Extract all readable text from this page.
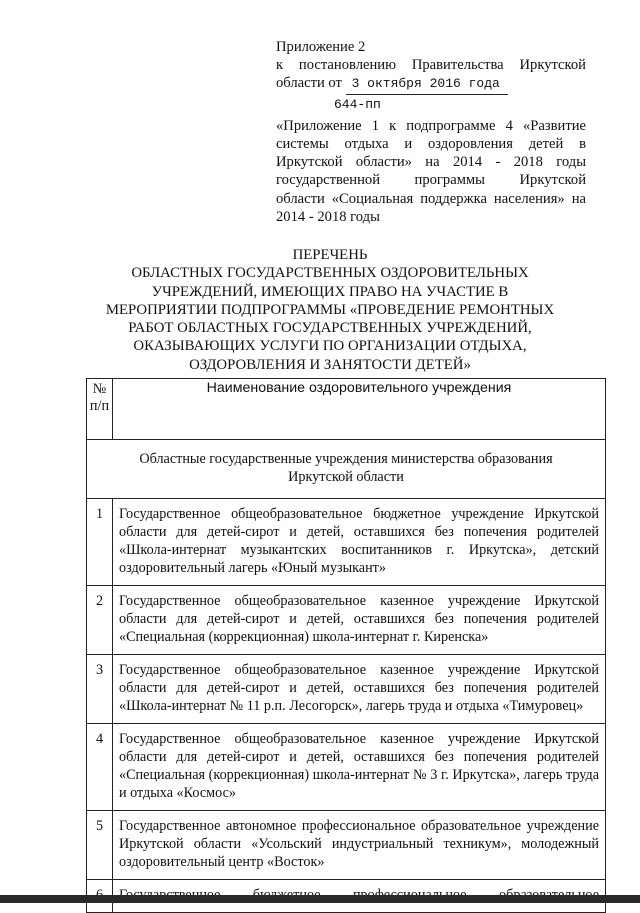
Приложение 2
к постановлению Правительства Иркутской
области от 3 октября 2016 года
644-пп
«Приложение 1 к подпрограмме 4 «Развитие
системы отдыха и оздоровления детей в
Иркутской области» на 2014 - 2018 годы
государственной программы Иркутской
области «Социальная поддержка населения» на
2014 - 2018 годы
ПЕРЕЧЕНЬ
ОБЛАСТНЫХ ГОСУДАРСТВЕННЫХ ОЗДОРОВИТЕЛЬНЫХ
УЧРЕЖДЕНИЙ, ИМЕЮЩИХ ПРАВО НА УЧАСТИЕ В
МЕРОПРИЯТИИ ПОДПРОГРАММЫ «ПРОВЕДЕНИЕ РЕМОНТНЫХ
РАБОТ ОБЛАСТНЫХ ГОСУДАРСТВЕННЫХ УЧРЕЖДЕНИЙ,
ОКАЗЫВАЮЩИХ УСЛУГИ ПО ОРГАНИЗАЦИИ ОТДЫХА,
ОЗДОРОВЛЕНИЯ И ЗАНЯТОСТИ ДЕТЕЙ»
№
п/п	Наименование оздоровительного учреждения
Областные государственные учреждения министерства образования Иркутской области	
1	Государственное общеобразовательное бюджетное учреждение Иркутской области для детей-сирот и детей, оставшихся без попечения родителей «Школа-интернат музыкантских воспитанников г. Иркутска», детский оздоровительный лагерь «Юный музыкант»
2	Государственное общеобразовательное казенное учреждение Иркутской области для детей-сирот и детей, оставшихся без попечения родителей «Специальная (коррекционная) школа-интернат г. Киренска»
3	Государственное общеобразовательное казенное учреждение Иркутской области для детей-сирот и детей, оставшихся без попечения родителей «Школа-интернат № 11 р.п. Лесогорск», лагерь труда и отдыха «Тимуровец»
4	Государственное общеобразовательное казенное учреждение Иркутской области для детей-сирот и детей, оставшихся без попечения родителей «Специальная (коррекционная) школа-интернат № 3 г. Иркутска», лагерь труда и отдыха «Космос»
5	Государственное автономное профессиональное образовательное учреждение Иркутской области «Усольский индустриальный техникум», молодежный оздоровительный центр «Восток»
